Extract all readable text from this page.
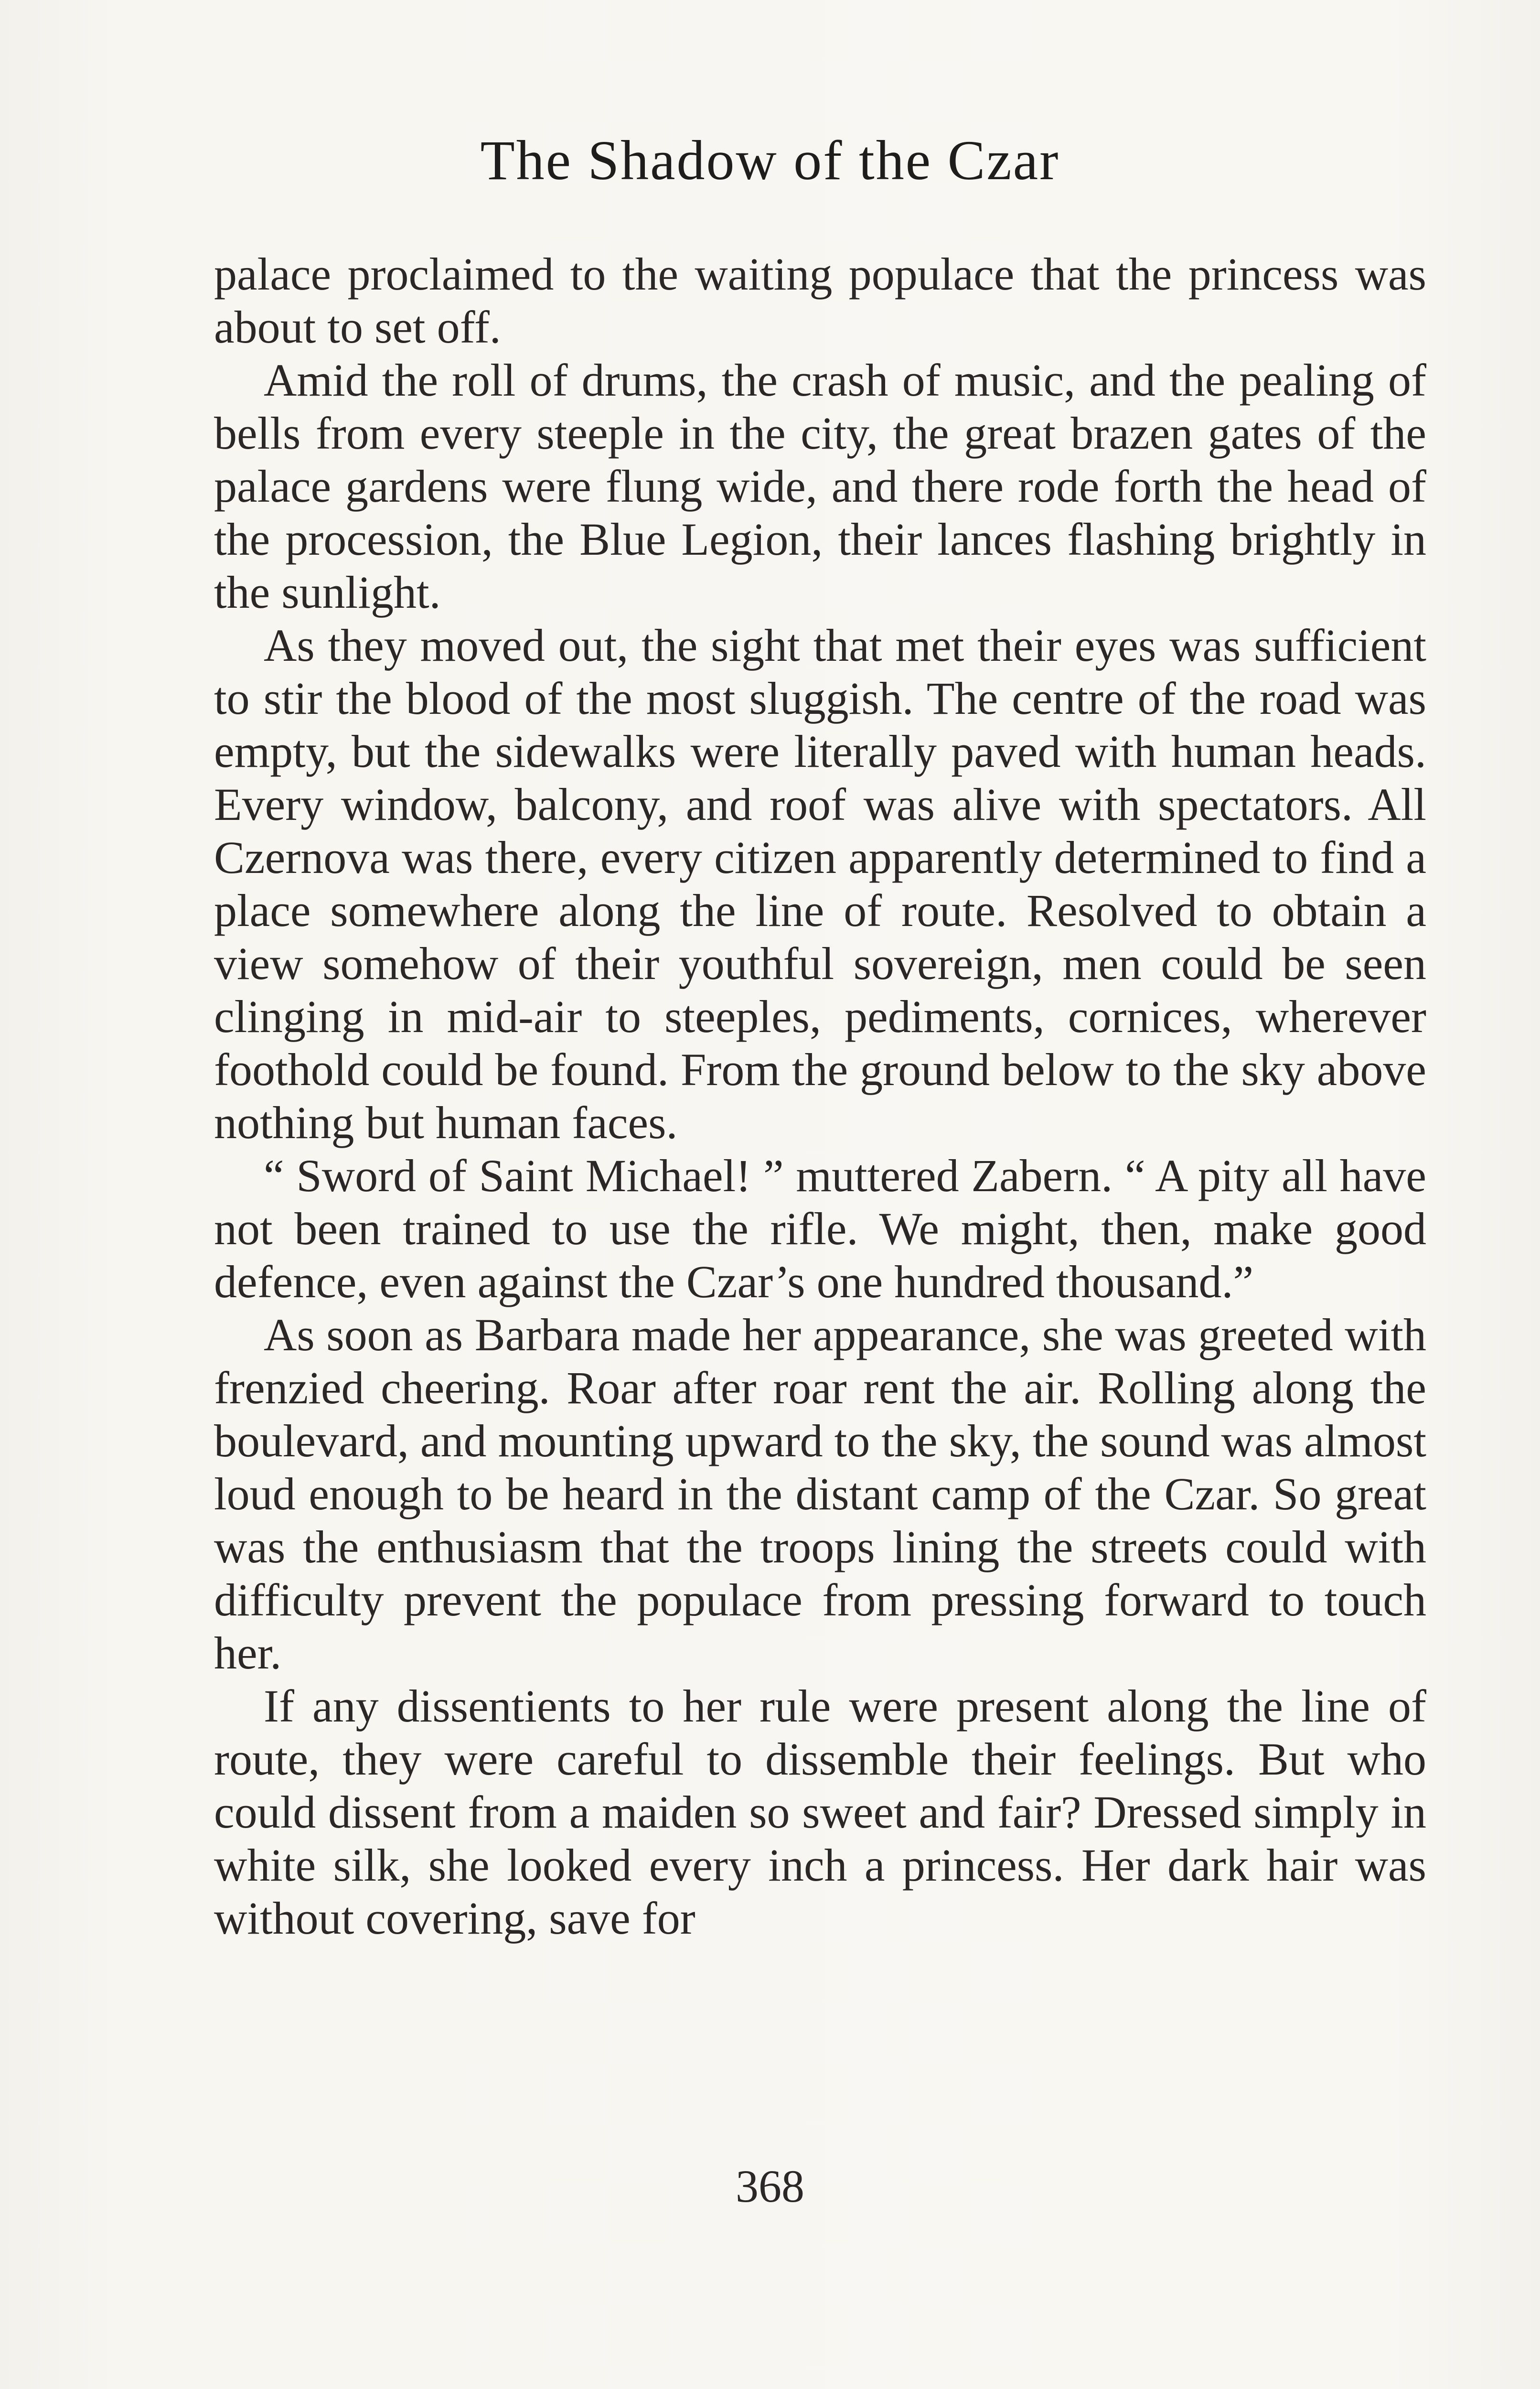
The Shadow of the Czar

palace proclaimed to the waiting populace that the princess was about to set off.

Amid the roll of drums, the crash of music, and the pealing of bells from every steeple in the city, the great brazen gates of the palace gardens were flung wide, and there rode forth the head of the procession, the Blue Legion, their lances flashing brightly in the sunlight.

As they moved out, the sight that met their eyes was sufficient to stir the blood of the most sluggish. The centre of the road was empty, but the sidewalks were literally paved with human heads. Every window, balcony, and roof was alive with spectators. All Czernova was there, every citizen apparently determined to find a place somewhere along the line of route. Resolved to obtain a view somehow of their youthful sovereign, men could be seen clinging in mid-air to steeples, pediments, cornices, wherever foothold could be found. From the ground below to the sky above nothing but human faces.

“ Sword of Saint Michael! ” muttered Zabern. “ A pity all have not been trained to use the rifle. We might, then, make good defence, even against the Czar’s one hundred thousand.”

As soon as Barbara made her appearance, she was greeted with frenzied cheering. Roar after roar rent the air. Rolling along the boulevard, and mounting upward to the sky, the sound was almost loud enough to be heard in the distant camp of the Czar. So great was the enthusiasm that the troops lining the streets could with difficulty prevent the populace from pressing forward to touch her.

If any dissentients to her rule were present along the line of route, they were careful to dissemble their feelings. But who could dissent from a maiden so sweet and fair? Dressed simply in white silk, she looked every inch a princess. Her dark hair was without covering, save for

368
